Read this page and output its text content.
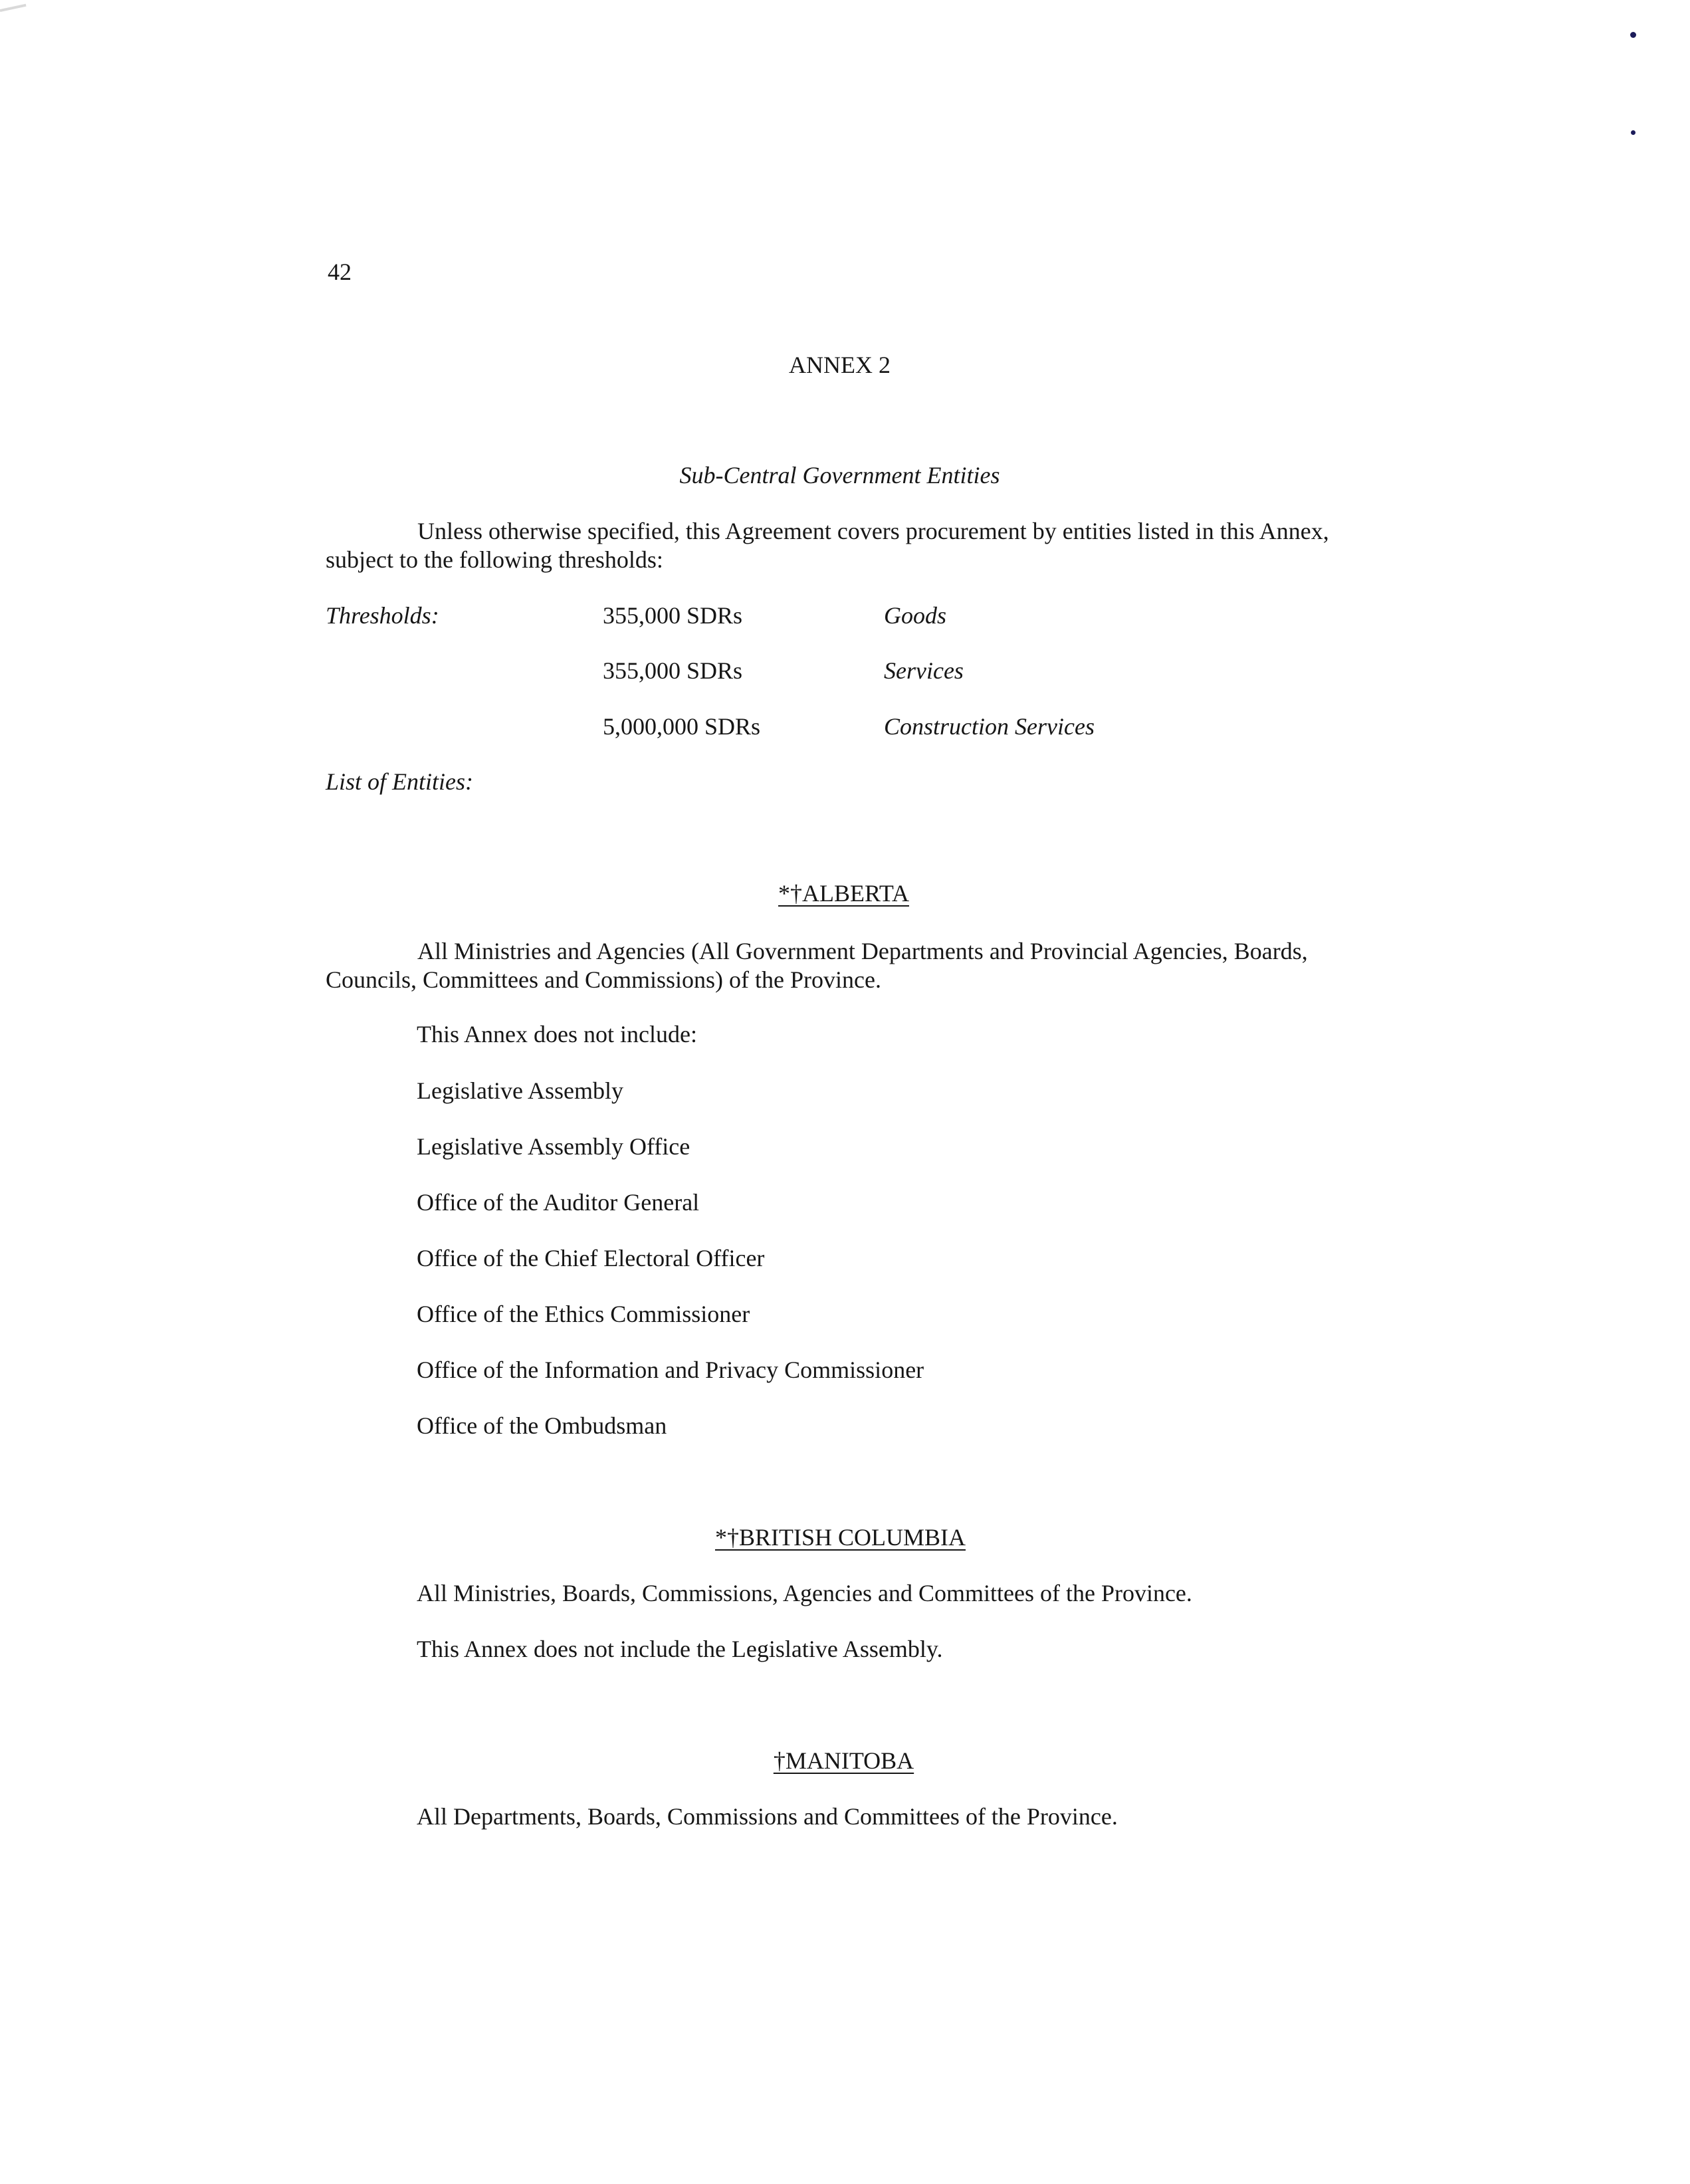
42
ANNEX 2
Sub-Central Government Entities
Unless otherwise specified, this Agreement covers procurement by entities listed in this Annex, subject to the following thresholds:
Thresholds:	355,000 SDRs	Goods
355,000 SDRs	Services
5,000,000 SDRs	Construction Services
List of Entities:
*†ALBERTA
All Ministries and Agencies (All Government Departments and Provincial Agencies, Boards, Councils, Committees and Commissions) of the Province.
This Annex does not include:
Legislative Assembly
Legislative Assembly Office
Office of the Auditor General
Office of the Chief Electoral Officer
Office of the Ethics Commissioner
Office of the Information and Privacy Commissioner
Office of the Ombudsman
*†BRITISH COLUMBIA
All Ministries, Boards, Commissions, Agencies and Committees of the Province.
This Annex does not include the Legislative Assembly.
†MANITOBA
All Departments, Boards, Commissions and Committees of the Province.
